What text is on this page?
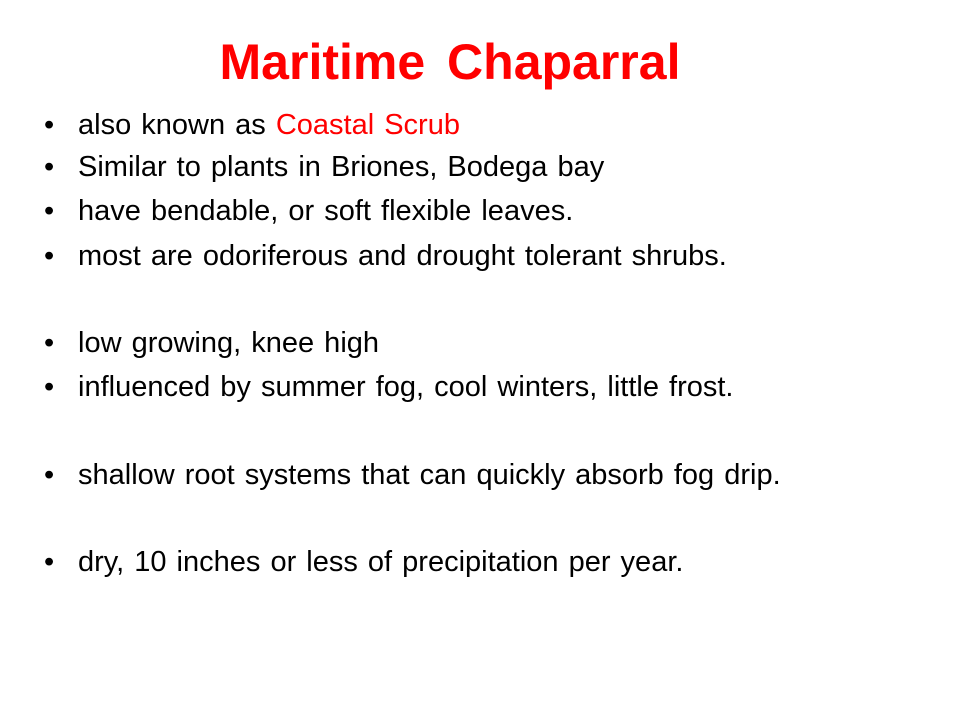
Maritime Chaparral
• also known as Coastal Scrub
• Similar to plants in Briones, Bodega bay
• have bendable, or soft flexible leaves.
• most are odoriferous and drought tolerant shrubs.
• low growing, knee high
• influenced by summer fog, cool winters, little frost.
• shallow root systems that can quickly absorb fog drip.
• dry, 10 inches or less of precipitation per year.
